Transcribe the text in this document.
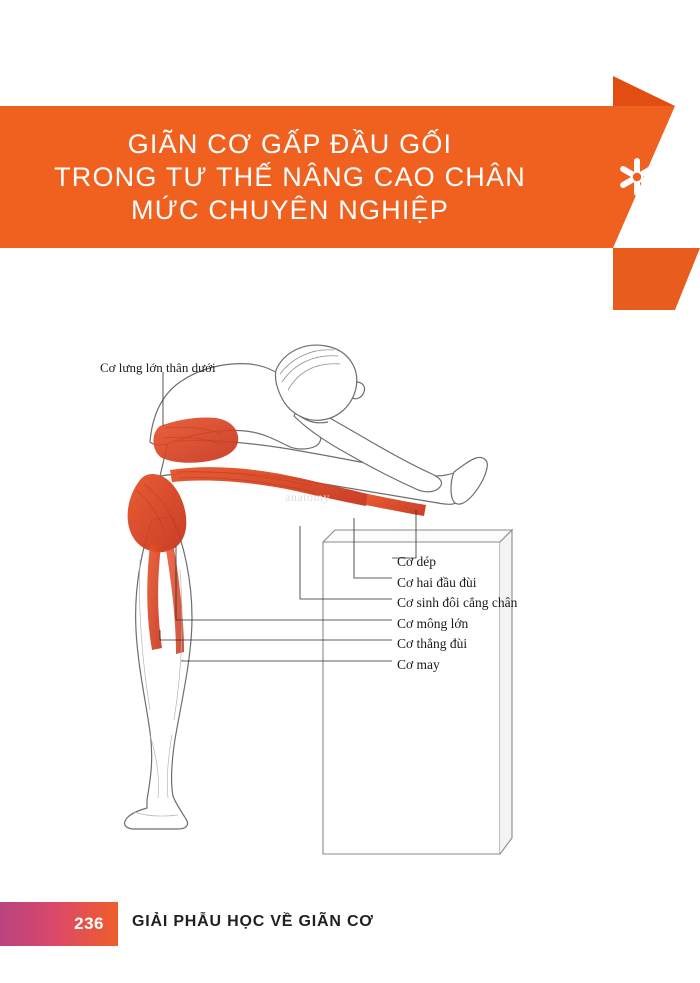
GIÃN CƠ GẤP ĐẦU GỐI
TRONG TƯ THẾ NÂNG CAO CHÂN
MỨC CHUYÊN NGHIỆP
anatomy
Cơ lưng lớn thân dưới
Cơ dép
Cơ hai đầu đùi
Cơ sinh đôi cẳng chân
Cơ mông lớn
Cơ thẳng đùi
Cơ may
236 GIẢI PHẪU HỌC VỀ GIÃN CƠ
